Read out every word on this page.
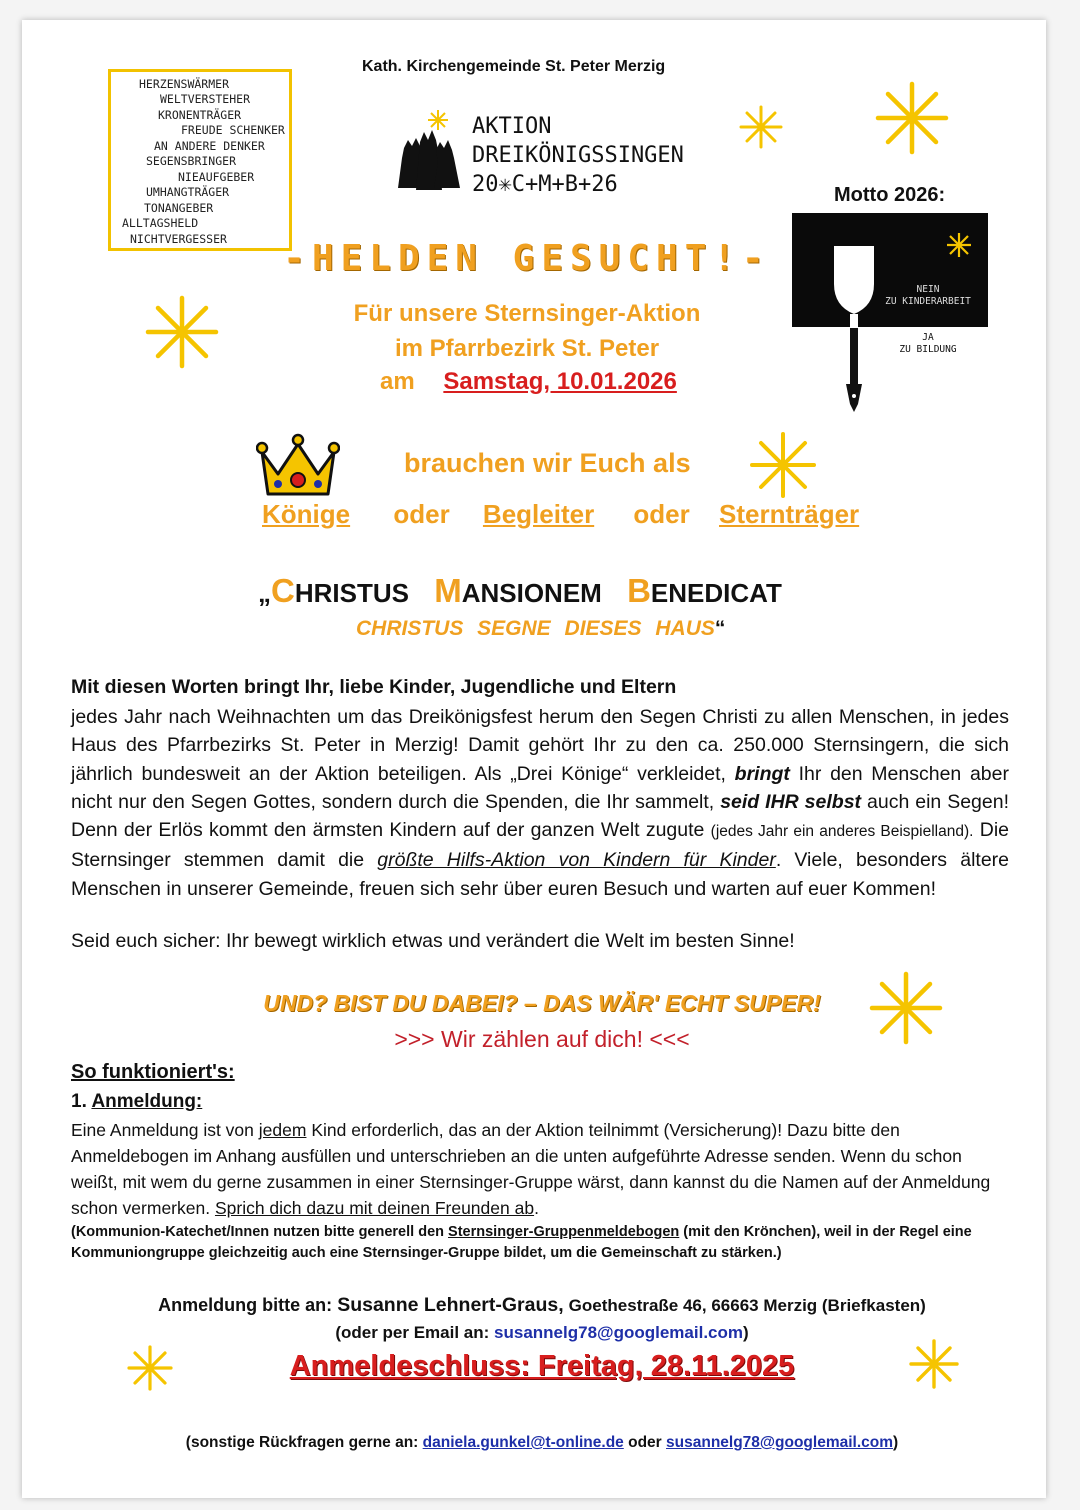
HERZENSWÄRMER
WELTVERSTEHER
KRONENTRÄGER
FREUDE SCHENKER
AN ANDERE DENKER
SEGENSBRINGER
NIEAUFGEBER
UMHANGTRÄGER
TONANGEBER
ALLTAGSHELD
NICHTVERGESSER
Kath. Kirchengemeinde St. Peter Merzig
AKTION
DREIKÖNIGSSINGEN
20✳C+M+B+26	Motto 2026:
NEIN
ZU KINDERARBEIT
JA
ZU BILDUNG
-HELDEN GESUCHT!-
Für unsere Sternsinger-Aktion
im Pfarrbezirk St. Peter
am Samstag, 10.01.2026
brauchen wir Euch als
Könige oder Begleiter oder Sternträger
„CHRISTUS MANSIONEM BENEDICAT
CHRISTUS SEGNE DIESES HAUS“
Mit diesen Worten bringt Ihr, liebe Kinder, Jugendliche und Eltern
jedes Jahr nach Weihnachten um das Dreikönigsfest herum den Segen Christi zu allen Menschen, in jedes Haus des Pfarrbezirks St. Peter in Merzig! Damit gehört Ihr zu den ca. 250.000 Sternsingern, die sich jährlich bundesweit an der Aktion beteiligen. Als „Drei Könige“ verkleidet, bringt Ihr den Menschen aber nicht nur den Segen Gottes, sondern durch die Spenden, die Ihr sammelt, seid IHR selbst auch ein Segen! Denn der Erlös kommt den ärmsten Kindern auf der ganzen Welt zugute (jedes Jahr ein anderes Beispielland). Die Sternsinger stemmen damit die größte Hilfs-Aktion von Kindern für Kinder. Viele, besonders ältere Menschen in unserer Gemeinde, freuen sich sehr über euren Besuch und warten auf euer Kommen!
Seid euch sicher: Ihr bewegt wirklich etwas und verändert die Welt im besten Sinne!
UND? BIST DU DABEI? – DAS WÄR' ECHT SUPER!
>>> Wir zählen auf dich! <<<
So funktioniert's:
1. Anmeldung:
Eine Anmeldung ist von jedem Kind erforderlich, das an der Aktion teilnimmt (Versicherung)! Dazu bitte den Anmeldebogen im Anhang ausfüllen und unterschrieben an die unten aufgeführte Adresse senden. Wenn du schon weißt, mit wem du gerne zusammen in einer Sternsinger-Gruppe wärst, dann kannst du die Namen auf der Anmeldung schon vermerken. Sprich dich dazu mit deinen Freunden ab.
(Kommunion-Katechet/Innen nutzen bitte generell den Sternsinger-Gruppenmeldebogen (mit den Krönchen), weil in der Regel eine Kommuniongruppe gleichzeitig auch eine Sternsinger-Gruppe bildet, um die Gemeinschaft zu stärken.)
Anmeldung bitte an: Susanne Lehnert-Graus, Goethestraße 46, 66663 Merzig (Briefkasten)
(oder per Email an: susannelg78@googlemail.com)
Anmeldeschluss: Freitag, 28.11.2025
(sonstige Rückfragen gerne an: daniela.gunkel@t-online.de oder susannelg78@googlemail.com)
